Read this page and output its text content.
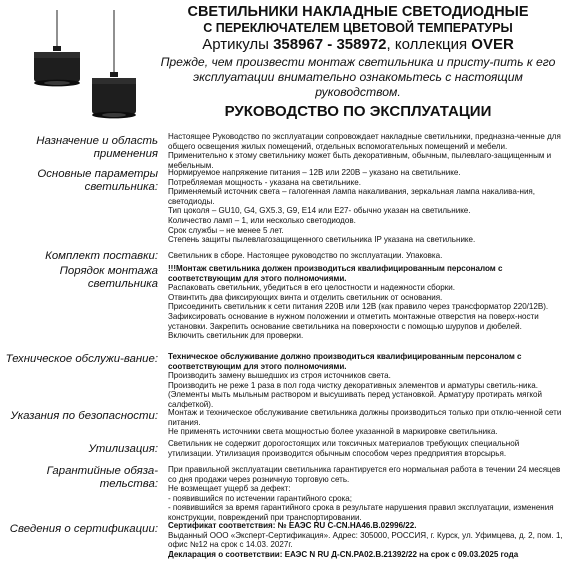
СВЕТИЛЬНИКИ НАКЛАДНЫЕ СВЕТОДИОДНЫЕ
С ПЕРЕКЛЮЧАТЕЛЕМ ЦВЕТОВОЙ ТЕМПЕРАТУРЫ
Артикулы 358967 - 358972, коллекция OVER
Прежде, чем произвести монтаж светильника и присту-пить к его эксплуатации внимательно ознакомьтесь с настоящим руководством.
РУКОВОДСТВО ПО ЭКСПЛУАТАЦИИ
Назначение и область применения

Настоящее Руководство по эксплуатации сопровождает накладные светильники, предназна-ченные для общего освещения жилых помещений, отдельных вспомогательных помещений и мебели. Применительно к этому светильнику может быть декоративным, обычным, пылевлаго-защищенным и мебельным.

Основные параметры светильника:

Нормируемое напряжение питания – 12В или 220В – указано на светильнике.

Потребляемая мощность - указана на светильнике.

Применяемый источник света – галогенная лампа накаливания, зеркальная лампа накалива-ния, светодиоды.

Тип цоколя – GU10, G4, GX5.3, G9, E14 или E27- обычно указан на светильнике.

Количество ламп – 1, или несколько светодиодов.

Срок службы – не менее 5 лет.

Степень защиты пылевлагозащищенного светильника IP указана на светильнике.

Комплект поставки: Светильник в сборе. Настоящее руководство по эксплуатации. Упаковка.

Порядок монтажа светильника

!!!Монтаж светильника должен производиться квалифицированным персоналом с соответствующим для этого полномочиями.

Распаковать светильник, убедиться в его целостности и надежности сборки.

Отвинтить два фиксирующих винта и отделить светильник от основания.

Присоединить светильник к сети питания 220В или 12В (как правило через трансформатор 220/12В).

Зафиксировать основание в нужном положении и отметить монтажные отверстия на поверх-ности установки. Закрепить основание светильника на поверхности с помощью шурупов и дюбелей.

Включить светильник для проверки.

Техническое обслужи-вание: Техническое обслуживание должно производиться квалифицированным персоналом с соответствующим для этого полномочиями.

Производить замену вышедших из строя источников света.

Производить не реже 1 раза в пол года чистку декоративных элементов и арматуры светиль-ника. (Элементы мыть мыльным раствором и высушивать перед установкой. Арматуру протирать мягкой салфеткой).

Указания по безопасности: Монтаж и техническое обслуживание светильника должны производиться только при отклю-ченной сети питания.

Не применять источники света мощностью более указанной в маркировке светильника.

Утилизация: Светильник не содержит дорогостоящих или токсичных материалов требующих специальной утилизации. Утилизация производится обычным способом через предприятия вторсырья.

Гарантийные обяза-тельства:

При правильной эксплуатации светильника гарантируется его нормальная работа в течении 24 месяцев со дня продажи через розничную торговую сеть.

Не возмещает ущерб за дефект:

- появившийся по истечении гарантийного срока;

- появившийся за время гарантийного срока в результате нарушения правил эксплуатации, изменения конструкции, повреждений при транспортировании.

Сведения о сертификации: Сертификат соответствия: № ЕАЭС RU C-CN.HA46.B.02996/22.

Выданный ООО «Эксперт-Сертификация». Адрес: 305000, РОССИЯ, г. Курск, ул. Уфимцева, д. 2, пом. 1, офис №12 на срок с 14.03. 2027г.

Декларация о соответствии: ЕАЭС N RU Д-CN.PA02.B.21392/22 на срок с 09.03.2025 года
